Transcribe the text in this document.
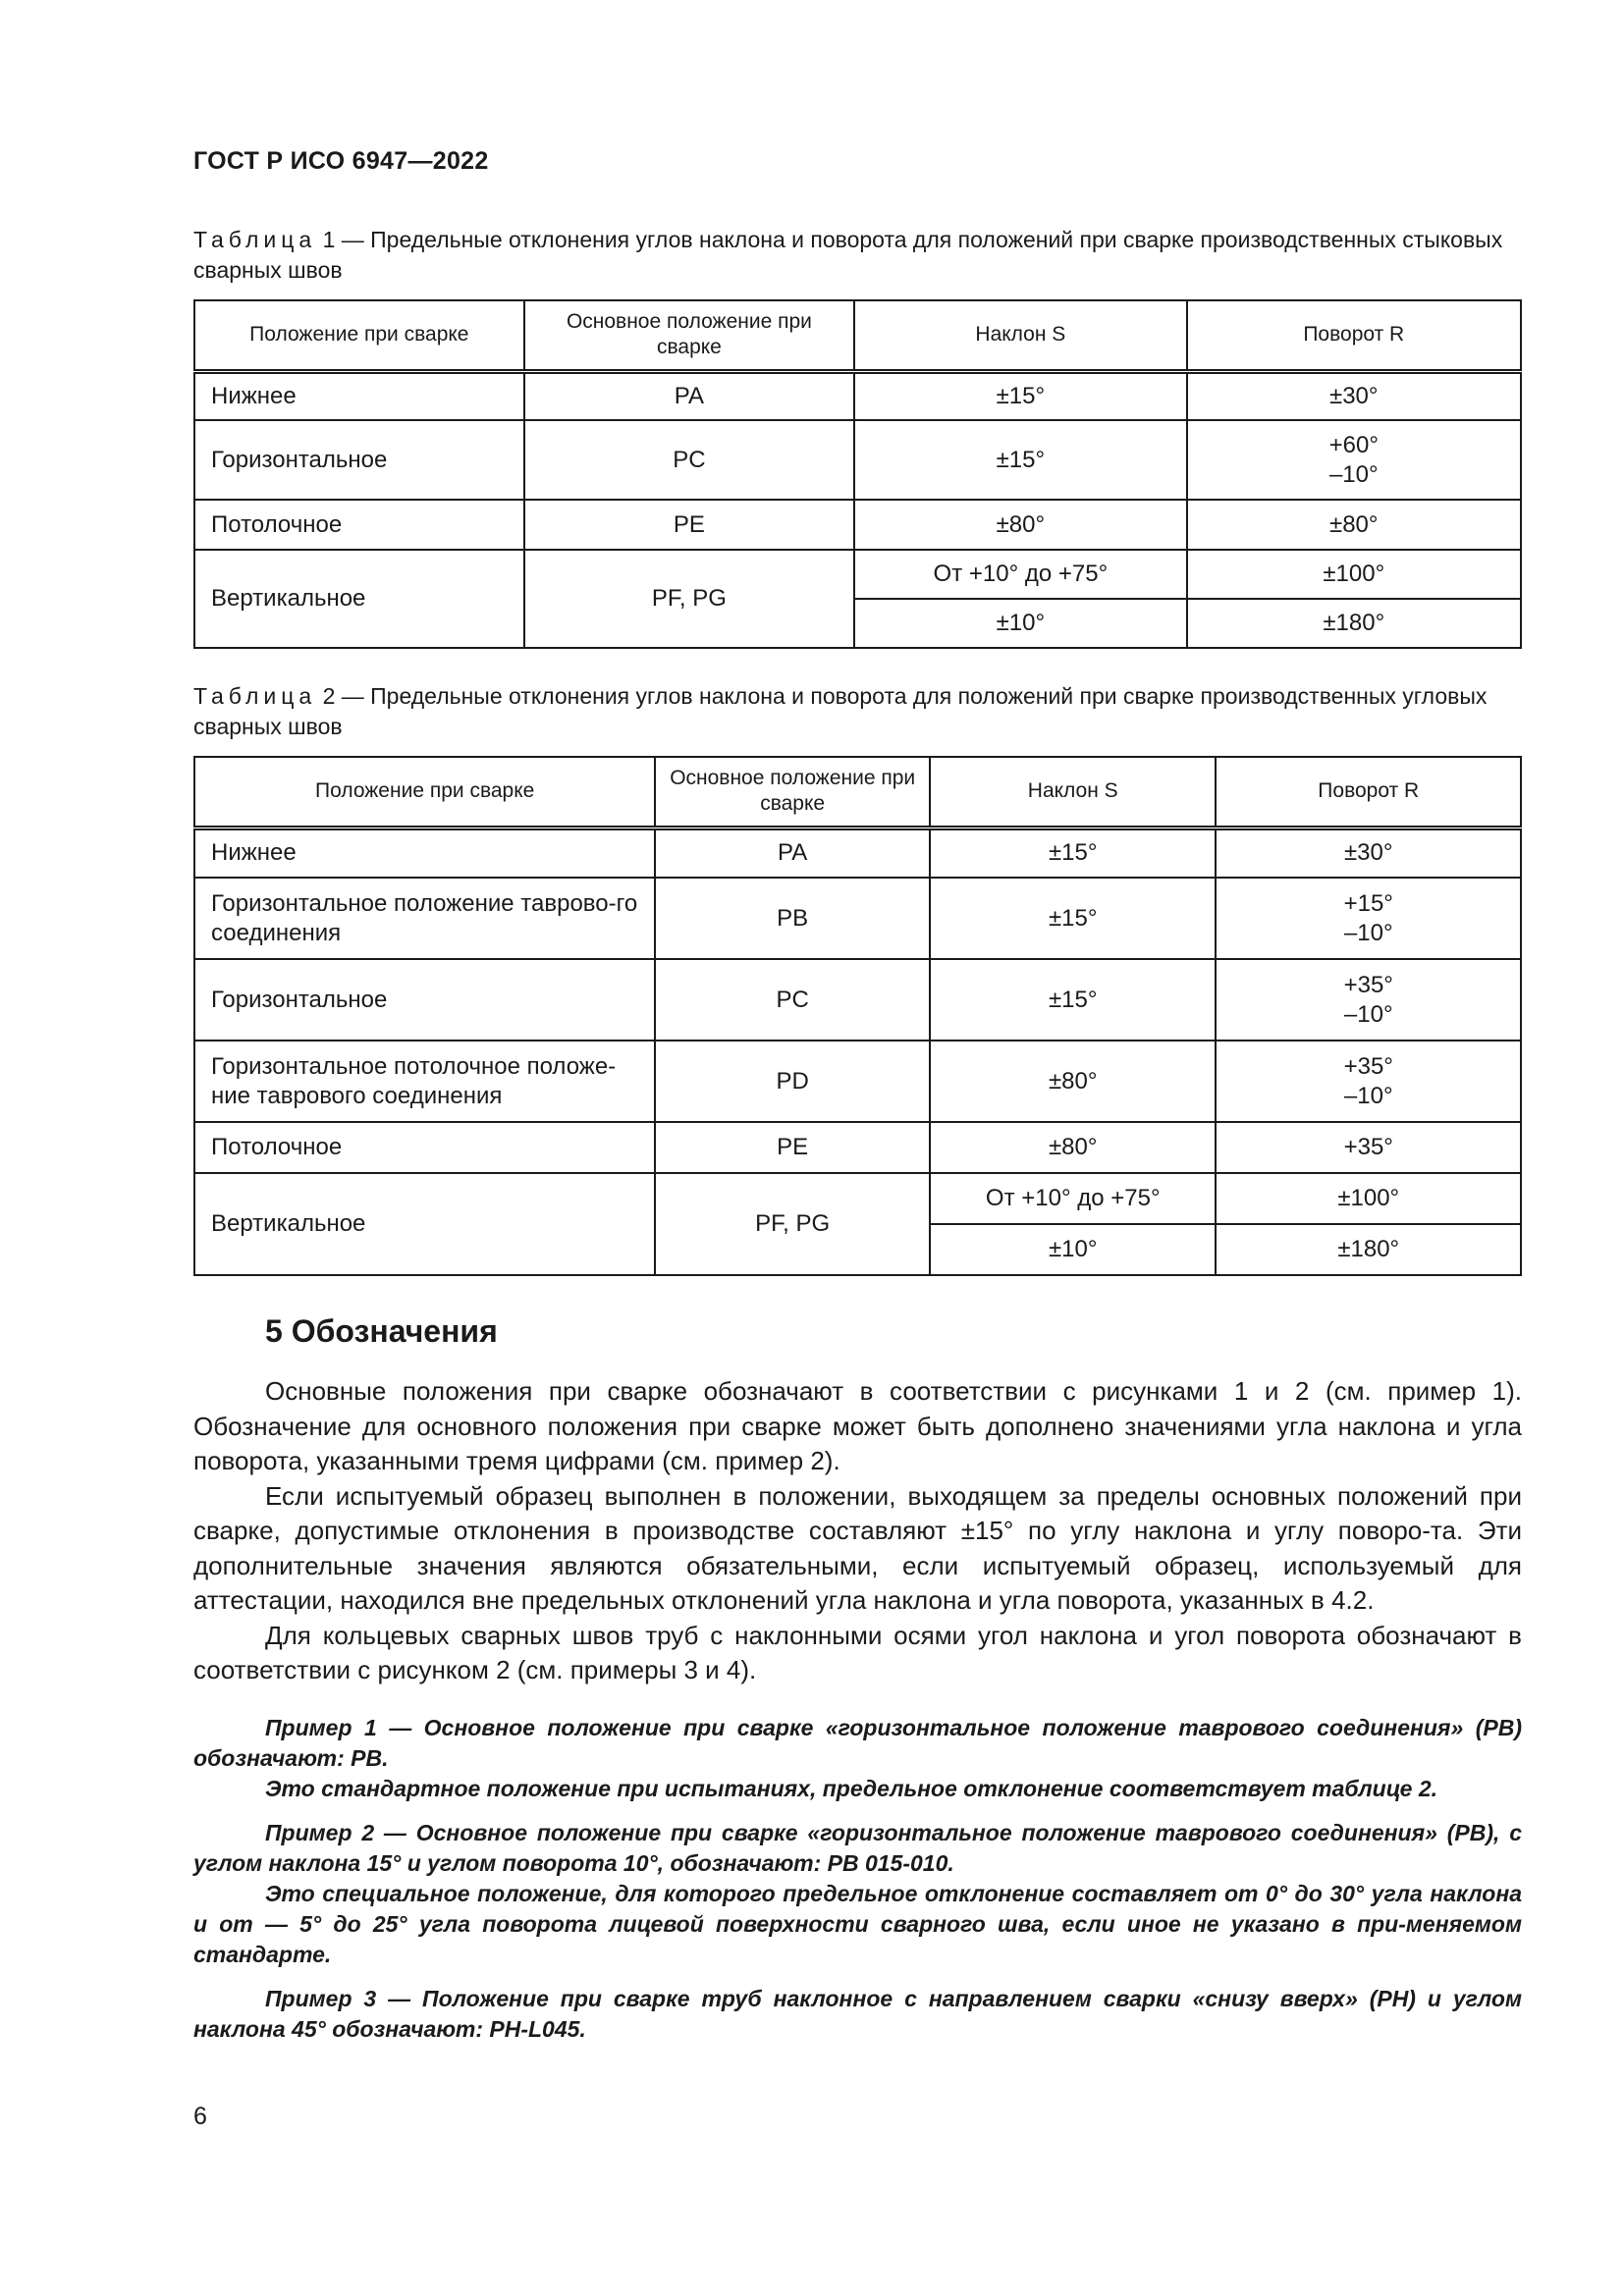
ГОСТ Р ИСО 6947—2022
Таблица 1 — Предельные отклонения углов наклона и поворота для положений при сварке производственных стыковых сварных швов
Положение при сварке	Основное положение при сварке	Наклон S	Поворот R
Нижнее	PA	±15°	±30°
Горизонтальное	PC	±15°	+60°
–10°

Потолочное	PE	±80°	±80°
Вертикальное	PF, PG	От +10° до +75°	±100°
		±10°	±180°
Таблица 2 — Предельные отклонения углов наклона и поворота для положений при сварке производственных угловых сварных швов
Положение при сварке	Основное положение при сварке	Наклон S	Поворот R
Нижнее	PA	±15°	±30°
Горизонтальное положение таврово-го соединения	PB	±15°	+15°
–10°

Горизонтальное	PC	±15°	+35°
–10°

Горизонтальное потолочное положе-ние таврового соединения	PD	±80°	+35°
–10°

Потолочное	PE	±80°	+35°
Вертикальное	PF, PG	От +10° до +75°	±100°
		±10°	±180°
5 Обозначения

Основные положения при сварке обозначают в соответствии с рисунками 1 и 2 (см. пример 1). Обозначение для основного положения при сварке может быть дополнено значениями угла наклона и угла поворота, указанными тремя цифрами (см. пример 2).

Если испытуемый образец выполнен в положении, выходящем за пределы основных положений при сварке, допустимые отклонения в производстве составляют ±15° по углу наклона и углу поворо-та. Эти дополнительные значения являются обязательными, если испытуемый образец, используемый для аттестации, находился вне предельных отклонений угла наклона и угла поворота, указанных в 4.2.

Для кольцевых сварных швов труб с наклонными осями угол наклона и угол поворота обозначают в соответствии с рисунком 2 (см. примеры 3 и 4).

Пример 1 — Основное положение при сварке «горизонтальное положение таврового соединения» (PB) обозначают: PB.

Это стандартное положение при испытаниях, предельное отклонение соответствует таблице 2.

Пример 2 — Основное положение при сварке «горизонтальное положение таврового соединения» (PB), с углом наклона 15° и углом поворота 10°, обозначают: PB 015-010.

Это специальное положение, для которого предельное отклонение составляет от 0° до 30° угла наклона и от — 5° до 25° угла поворота лицевой поверхности сварного шва, если иное не указано в при-меняемом стандарте.

Пример 3 — Положение при сварке труб наклонное с направлением сварки «снизу вверх» (PH) и углом наклона 45° обозначают: PH-L045.

6
